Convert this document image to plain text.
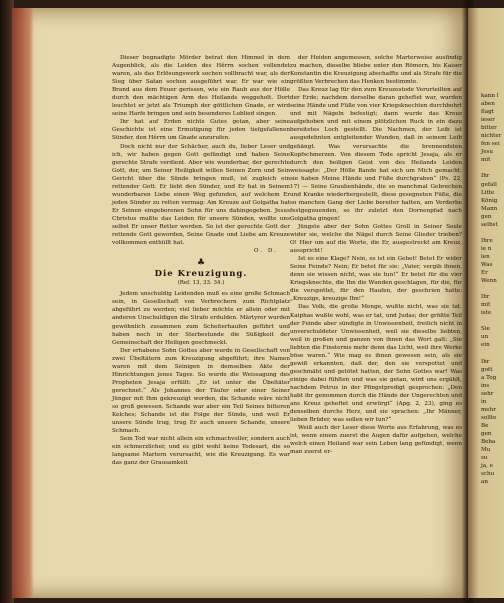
Dieser begnadigte Mörder betrat den Himmel in dem Augenblick, als die Leiden des Hêrrn sochen vollendet waren, als das Erlösungswerk sochen vollbracht war, als der Sieg über Satan sochen ausgeführt war. Er war wie ein Brand aus dem Feuer gerissen, wie ein Raub aus der Hölle durch den mächtigen Arm des Heilands weggeholt. Dort leuchtet er jetzt als Triumph der göttlichen Gnade, er wird seine Harfe bringen und sein besonderes Loblied singen.

Ihr hat auf Erden nichts Gutes getan, aber seine Geschichte ist eine Ermutigung für jeden tiefgefallenen Sünder, den Hêrrn um Gnade anzurufen.

Doch nicht nur der Schächer, auch du, lieber Leser und ich, wir haben gegen Gott gefündigt und haben Seine gerechte Strafe verdient. Aber wie wunderbar, der gerechte Gott, der, um Seiner Heiligkeit willen Seinen Zorn und Sein Gericht über die Sünde bringen muß, ist zugleich ein rettender Gott. Er liebt den Sünder, und Er hat in Seinem wunderbaren Liebe einen Weg gefunden, auf welchem Er jeden Sünder zu retten vermag: Am Kreuze auf Golgatha hat Er Seinen eingeborenen Sohn für uns dahingegeben. Jesus Christus mußte das Leiden für unsere Sünden, wollte uns selbst Er unser Retter werden. So ist der gerechte Gott der rettende Gott geworden, Seine Gnade und Liebe am Kreuze vollkommen enthüllt hat.

O. D.

♣
Die Kreuzigung.
(Ref. 13, 33. 34.)

Jedem unschuldig Leidenden muß es eine große Schmach sein, in Gesellschaft von Verbrechern zum Richtplatz abgeführt zu werden; viel lieber möchte er allein oder mit anderen Unschuldigen die Strafe erdulden. Märtyrer wurden gewöhnlich zusammen zum Scheiterhaufen geführt und haben noch in der Sterbestunde die Süßigkeit der Gemeinschaft der Heiligen geschmeckt.

Der erhabene Sohn Gottes aber wurde in Gesellschaft von zwei Übeltätern zum Kreuzigung abgeführt; ihre Namen waren mit dem Seinigen in demselben Akte der Hinrichtungen jenes Tages. So wurde die Weissagung des Propheten Jesaja erfüllt: „Er ist unter die Übeltäter gerechnet.“ Als Johannes der Täufer oder einer Seiner Jünger mit Ihm gekreuzigt worden, die Schande wäre nicht so groß gewesen. Schande war aber ein Teil Seines bitteren Kelches; Schande ist die Folge der Sünde, und weil Er unsere Sünde trug, trug Er auch unsere Schande, unsere Schmach.

Sein Tod war nicht allein ein schmachvoller, sondern auch ein schmerzlicher, und es gibt wohl keine Todesart, die so langsame Martern verursacht, wie die Kreuzigung. Es war das ganz der Grausamkeit

der Heiden angemessen, solche Marterweise ausfindig zu machen, dieselbe bliebe unter den Römern, bis Kaiser Konstantin die Kreuzigung abschaffte und als Strafe für die größten Verbrechen das Henken bestimmte.

Das Kreuz lag für den zum Kreuzestode Verurteilten auf der Erde; nachdem derselbe daran geheftet war, wurden seine Hände und Füße von vier Kriegsknechten durchbohrt und mit Nägeln befestigt; dann wurde das Kreuz aufgehoben und mit einem plötzlichen Ruck in ein dazu bereitetes Loch gestellt. Die Nachmen, der Leib ist ausgedehnten entgleitender Wunden, daß in seinem Leib gehängt. Was verursachte die brennendsten Kopfschmerzen. Von diesem Tode spricht Jesaja, als er durch den heiligen Geist von des Heilands Leiden weissagte: „Der Hölle Bande hat sich um Mich gemacht; sie haben Meine Hände und Füße durchgraben“ (Ps. 22, 17) — Seine Graubenhände, die so manchmal Gebrechen und Kranke wiederhergestellt, diese gesegneten Füße, die so manchen Gang der Liebe bereiter hatten, am Verderbe festgeguuenden, so ihr zuletzt den Dornenpfad nach Golgatha gingen!

Jüngste aber der Sohn Gottes Groll in Seiner Seele wider sie, welche die Nägel durch Seine Glieder trieben? O! Hier um auf die Worte, die Er, ausgestreckt am Kreuz, ausspricht!

Ist es eine Klage? Nein, es ist ein Gebet! Betet Er wider Seine Feinde? Nein; Er betet für sie: „Vater, vergib ihnen, denn sie wissen nicht, was sie tun!“ Er betet für die vier Kriegsknechte, die Ihn die Wunden geschlagen, für die, für die verspottet, für den Haufen, der geschrien hatte: „Kreuzige, kreuzige Ihn!“

Das Volk, die große Menge, wußte nicht, was sie tat. Kaiphas wußte wohl, was er tat, und Judas; der größte Teil der Feinde aber sündigte in Unwissenheit, freilich nicht in unverschuldeter Unwissenheit, weil sie dieselbe liebten, weil in großen und ganzen von ihnen das Wort galt: „Sie liebten die Finsternis mehr denn das Licht, weil ihre Werke böse waren.“ Wie mag es ihnen gewesen sein, als sie gewiß erkannten, daß der, den sie verspottet und geschmäht und getötet hatten, der Sohn Gottes war! Was einige dabei fühlten und was sie getan, wird uns ergählt, nachdem Petrus in der Pfingstpredigt gesprochen: „Den habt ihr genommen durch die Hände der Ungerechten und ans Kreuz geheftet und erwürgt“ (Apg. 2, 23), ging es denselben durchs Herz, und sie sprachen: „Ihr Männer, lieben Brüder, was sollen wir tun?“

Weiß auch der Leser diese Worte aus Erfahrung, was es ist, wenn einem zuerst die Augen dafür aufgehen, welche welch einen Heiland war sein Leben lang gefündigt, wenn man zuerst er-

kann l
aben
flagt
ieser
bitter
nichter
fen sei
Jesu
mit
Ihr
gefall
Litte
König
Mann
gen
selbst
Ihre
ie n
len
Was
Er
Wenn
Ihr
mit
iste
Sie
un
ein
Ihr
gott
a Tog
ins
sehr
in
mehr
sollte
Be
gen
Beba
Mu
su
ja, e
schu
an
